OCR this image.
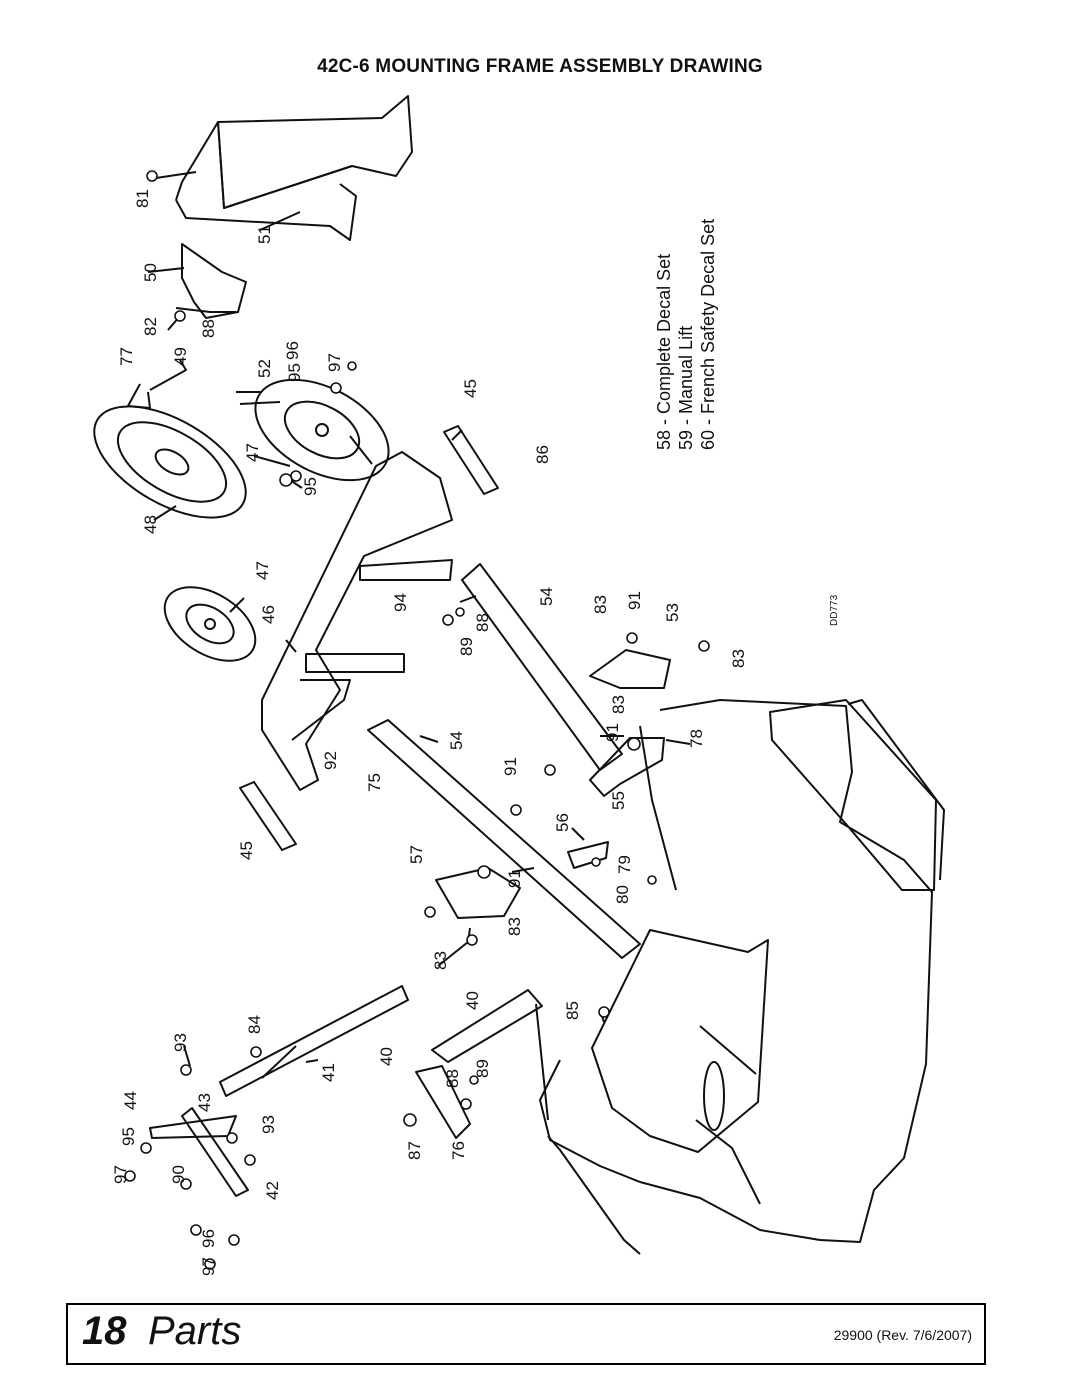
42C-6 MOUNTING FRAME ASSEMBLY DRAWING
81
51
50
82 88
77 49
52
96
95
97
45
86
47
95
48
47
46
94	54 83 91
53
88
89
83
92
75
54
91
91
83
78
55
56
57
91
80
79
45
83
83
40
85
93
84
44	43
41
40
88
89
95
93
97 90
42
87 76
96
97
58 - Complete Decal Set 59 - Manual Lift 60 - French Safety Decal Set
DD773
18 Parts	29900 (Rev. 7/6/2007)
